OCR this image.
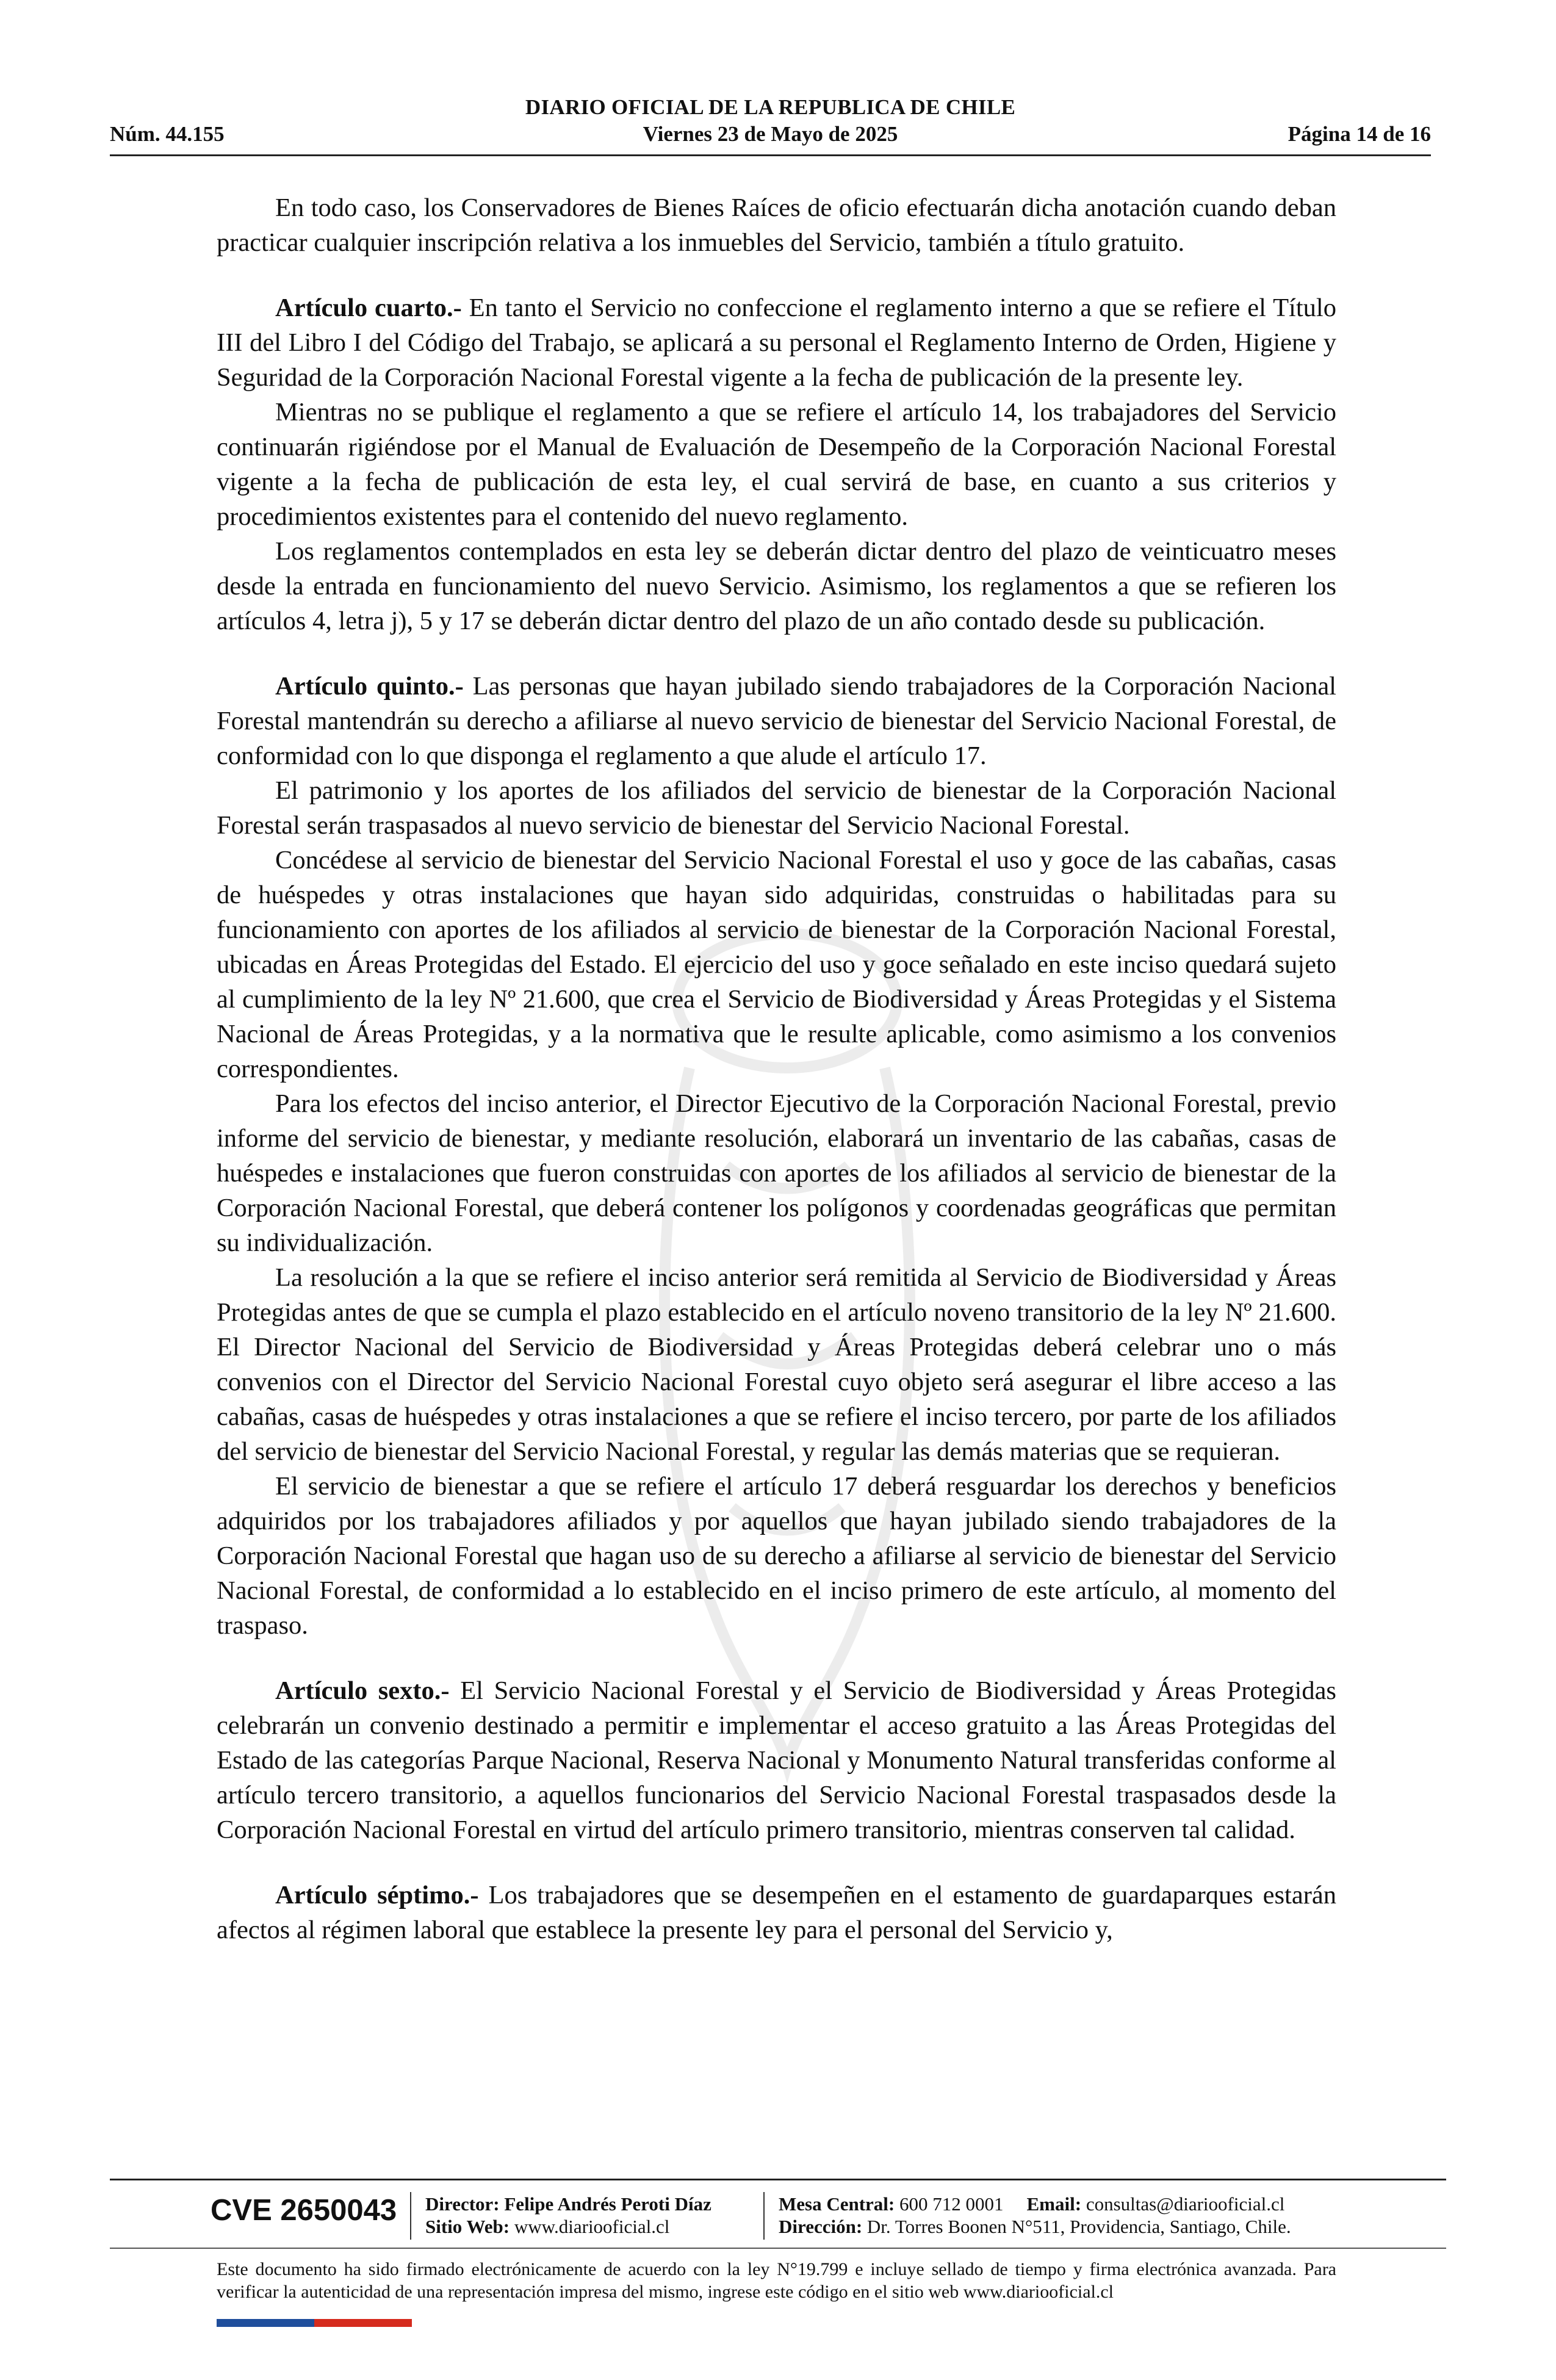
DIARIO OFICIAL DE LA REPUBLICA DE CHILE
Núm. 44.155	Viernes 23 de Mayo de 2025	Página 14 de 16

En todo caso, los Conservadores de Bienes Raíces de oficio efectuarán dicha anotación cuando deban practicar cualquier inscripción relativa a los inmuebles del Servicio, también a título gratuito.

Artículo cuarto.- En tanto el Servicio no confeccione el reglamento interno a que se refiere el Título III del Libro I del Código del Trabajo, se aplicará a su personal el Reglamento Interno de Orden, Higiene y Seguridad de la Corporación Nacional Forestal vigente a la fecha de publicación de la presente ley.

Mientras no se publique el reglamento a que se refiere el artículo 14, los trabajadores del Servicio continuarán rigiéndose por el Manual de Evaluación de Desempeño de la Corporación Nacional Forestal vigente a la fecha de publicación de esta ley, el cual servirá de base, en cuanto a sus criterios y procedimientos existentes para el contenido del nuevo reglamento.

Los reglamentos contemplados en esta ley se deberán dictar dentro del plazo de veinticuatro meses desde la entrada en funcionamiento del nuevo Servicio. Asimismo, los reglamentos a que se refieren los artículos 4, letra j), 5 y 17 se deberán dictar dentro del plazo de un año contado desde su publicación.

Artículo quinto.- Las personas que hayan jubilado siendo trabajadores de la Corporación Nacional Forestal mantendrán su derecho a afiliarse al nuevo servicio de bienestar del Servicio Nacional Forestal, de conformidad con lo que disponga el reglamento a que alude el artículo 17.

El patrimonio y los aportes de los afiliados del servicio de bienestar de la Corporación Nacional Forestal serán traspasados al nuevo servicio de bienestar del Servicio Nacional Forestal.

Concédese al servicio de bienestar del Servicio Nacional Forestal el uso y goce de las cabañas, casas de huéspedes y otras instalaciones que hayan sido adquiridas, construidas o habilitadas para su funcionamiento con aportes de los afiliados al servicio de bienestar de la Corporación Nacional Forestal, ubicadas en Áreas Protegidas del Estado. El ejercicio del uso y goce señalado en este inciso quedará sujeto al cumplimiento de la ley Nº 21.600, que crea el Servicio de Biodiversidad y Áreas Protegidas y el Sistema Nacional de Áreas Protegidas, y a la normativa que le resulte aplicable, como asimismo a los convenios correspondientes.

Para los efectos del inciso anterior, el Director Ejecutivo de la Corporación Nacional Forestal, previo informe del servicio de bienestar, y mediante resolución, elaborará un inventario de las cabañas, casas de huéspedes e instalaciones que fueron construidas con aportes de los afiliados al servicio de bienestar de la Corporación Nacional Forestal, que deberá contener los polígonos y coordenadas geográficas que permitan su individualización.

La resolución a la que se refiere el inciso anterior será remitida al Servicio de Biodiversidad y Áreas Protegidas antes de que se cumpla el plazo establecido en el artículo noveno transitorio de la ley Nº 21.600. El Director Nacional del Servicio de Biodiversidad y Áreas Protegidas deberá celebrar uno o más convenios con el Director del Servicio Nacional Forestal cuyo objeto será asegurar el libre acceso a las cabañas, casas de huéspedes y otras instalaciones a que se refiere el inciso tercero, por parte de los afiliados del servicio de bienestar del Servicio Nacional Forestal, y regular las demás materias que se requieran.

El servicio de bienestar a que se refiere el artículo 17 deberá resguardar los derechos y beneficios adquiridos por los trabajadores afiliados y por aquellos que hayan jubilado siendo trabajadores de la Corporación Nacional Forestal que hagan uso de su derecho a afiliarse al servicio de bienestar del Servicio Nacional Forestal, de conformidad a lo establecido en el inciso primero de este artículo, al momento del traspaso.

Artículo sexto.- El Servicio Nacional Forestal y el Servicio de Biodiversidad y Áreas Protegidas celebrarán un convenio destinado a permitir e implementar el acceso gratuito a las Áreas Protegidas del Estado de las categorías Parque Nacional, Reserva Nacional y Monumento Natural transferidas conforme al artículo tercero transitorio, a aquellos funcionarios del Servicio Nacional Forestal traspasados desde la Corporación Nacional Forestal en virtud del artículo primero transitorio, mientras conserven tal calidad.

Artículo séptimo.- Los trabajadores que se desempeñen en el estamento de guardaparques estarán afectos al régimen laboral que establece la presente ley para el personal del Servicio y,

CVE 2650043 Director: Felipe Andrés Peroti Díaz
Sitio Web: www.diariooficial.cl
Mesa Central: 600 712 0001 Email: consultas@diariooficial.cl
Dirección: Dr. Torres Boonen N°511, Providencia, Santiago, Chile.
Este documento ha sido firmado electrónicamente de acuerdo con la ley N°19.799 e incluye sellado de tiempo y firma electrónica avanzada. Para verificar la autenticidad de una representación impresa del mismo, ingrese este código en el sitio web www.diariooficial.cl
